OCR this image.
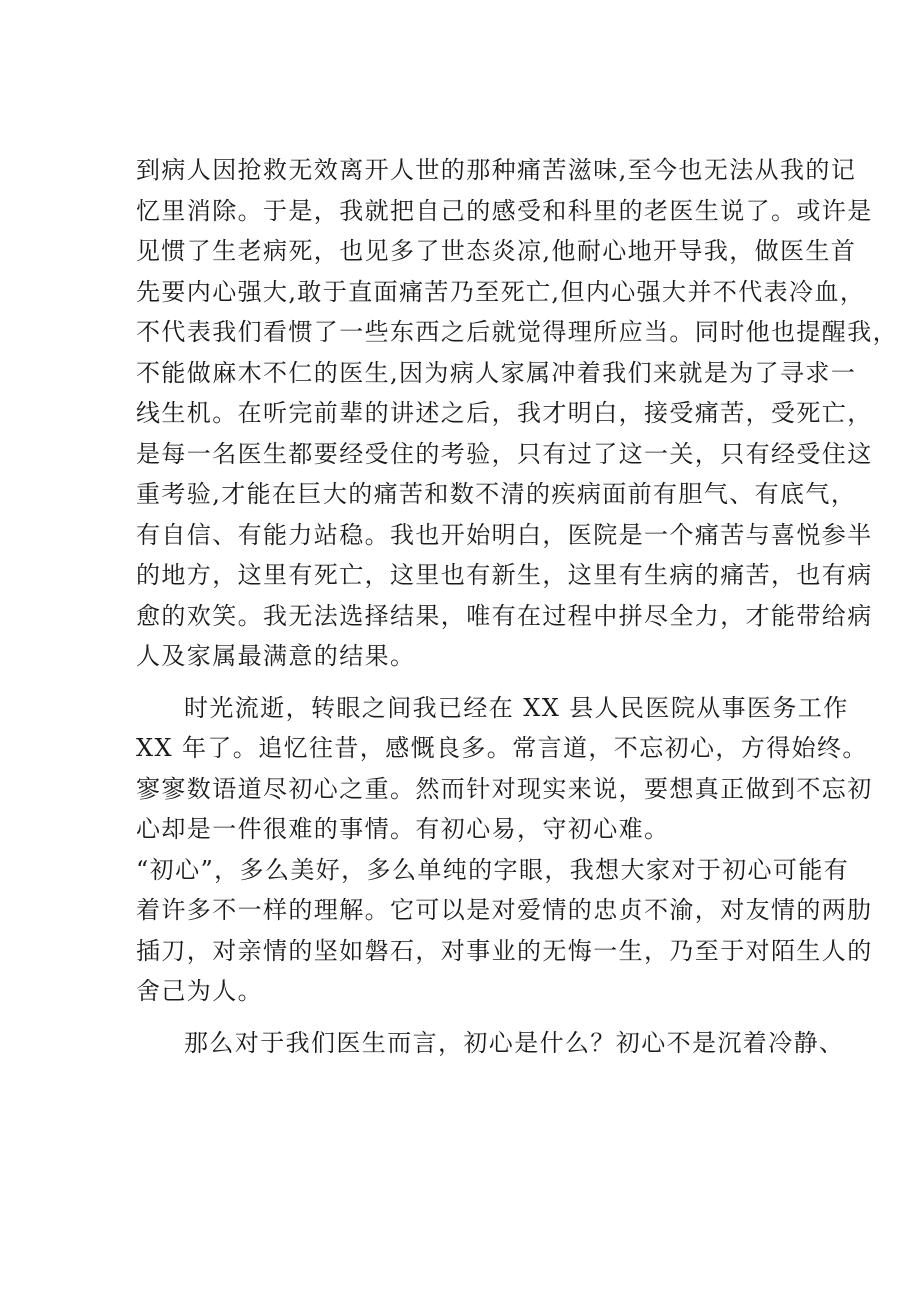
到病人因抢救无效离开人世的那种痛苦滋味,至今也无法从我的记
忆里消除。于是，我就把自己的感受和科里的老医生说了。或许是
见惯了生老病死，也见多了世态炎凉,他耐心地开导我，做医生首
先要内心强大,敢于直面痛苦乃至死亡,但内心强大并不代表冷血，
不代表我们看惯了一些东西之后就觉得理所应当。同时他也提醒我，
不能做麻木不仁的医生,因为病人家属冲着我们来就是为了寻求一
线生机。在听完前辈的讲述之后，我才明白，接受痛苦，受死亡，
是每一名医生都要经受住的考验，只有过了这一关，只有经受住这
重考验,才能在巨大的痛苦和数不清的疾病面前有胆气、有底气，
有自信、有能力站稳。我也开始明白，医院是一个痛苦与喜悦参半
的地方，这里有死亡，这里也有新生，这里有生病的痛苦，也有病
愈的欢笑。我无法选择结果，唯有在过程中拼尽全力，才能带给病
人及家属最满意的结果。
时光流逝，转眼之间我已经在 XX 县人民医院从事医务工作
XX 年了。追忆往昔，感慨良多。常言道，不忘初心，方得始终。
寥寥数语道尽初心之重。然而针对现实来说，要想真正做到不忘初
心却是一件很难的事情。有初心易，守初心难。
“初心”，多么美好，多么单纯的字眼，我想大家对于初心可能有
着许多不一样的理解。它可以是对爱情的忠贞不渝，对友情的两肋
插刀，对亲情的坚如磐石，对事业的无悔一生，乃至于对陌生人的
舍己为人。
那么对于我们医生而言，初心是什么？初心不是沉着冷静、
